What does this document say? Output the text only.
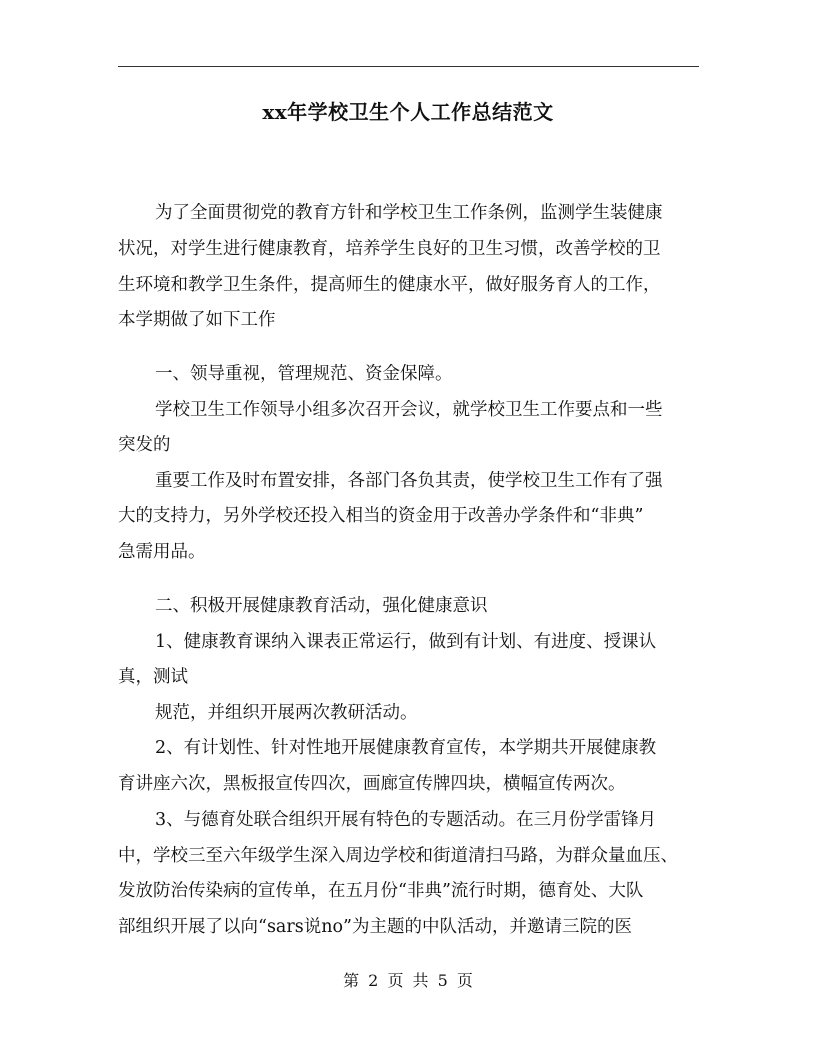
xx年学校卫生个人工作总结范文
为了全面贯彻党的教育方针和学校卫生工作条例，监测学生装健康
状况，对学生进行健康教育，培养学生良好的卫生习惯，改善学校的卫
生环境和教学卫生条件，提高师生的健康水平，做好服务育人的工作，
本学期做了如下工作
一、领导重视，管理规范、资金保障。
学校卫生工作领导小组多次召开会议，就学校卫生工作要点和一些
突发的
重要工作及时布置安排，各部门各负其责，使学校卫生工作有了强
大的支持力，另外学校还投入相当的资金用于改善办学条件和“非典”
急需用品。
二、积极开展健康教育活动，强化健康意识
1、健康教育课纳入课表正常运行，做到有计划、有进度、授课认
真，测试
规范，并组织开展两次教研活动。
2、有计划性、针对性地开展健康教育宣传，本学期共开展健康教
育讲座六次，黑板报宣传四次，画廊宣传牌四块，横幅宣传两次。
3、与德育处联合组织开展有特色的专题活动。在三月份学雷锋月
中，学校三至六年级学生深入周边学校和街道清扫马路，为群众量血压、
发放防治传染病的宣传单，在五月份“非典”流行时期，德育处、大队
部组织开展了以向“sars说no”为主题的中队活动，并邀请三院的医
第 2 页 共 5 页
